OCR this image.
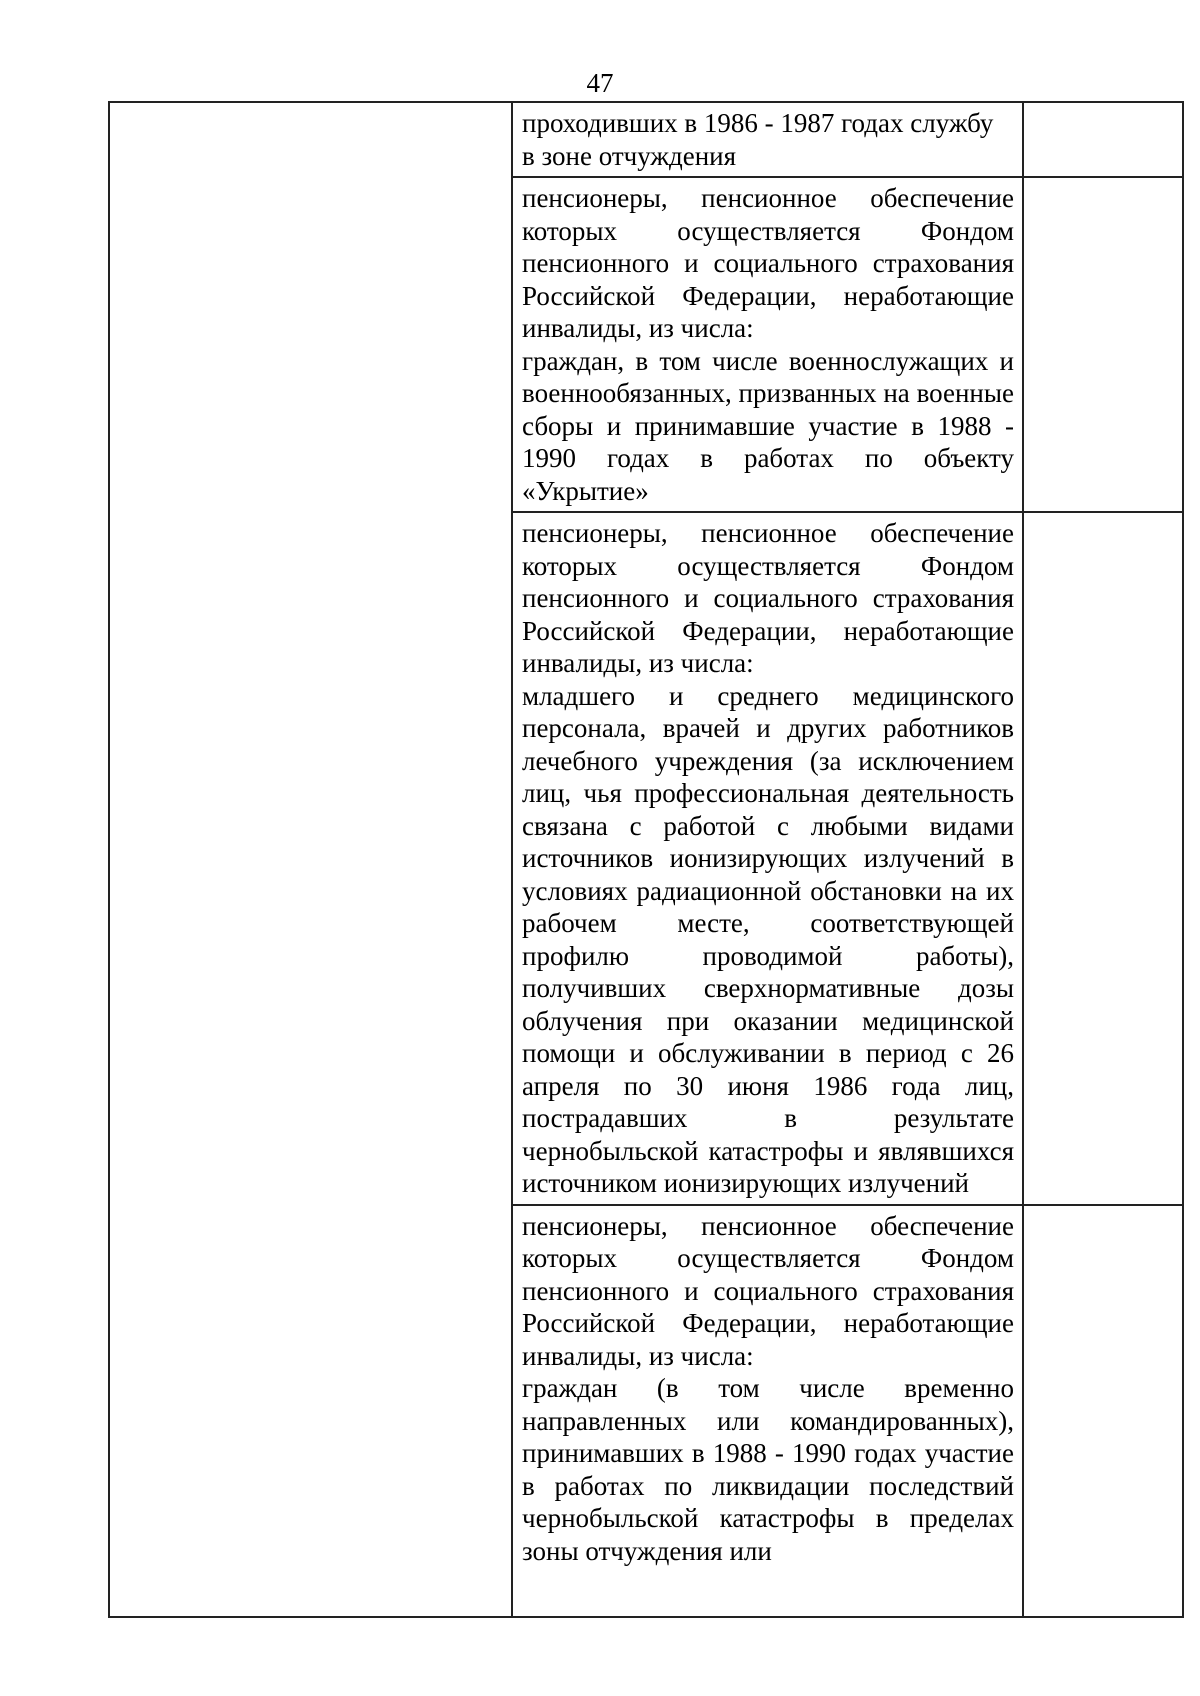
47

	проходивших в 1986 - 1987 годах службу
в зоне отчуждения	

	пенсионеры, пенсионное обеспечение которых осуществляется Фондом пенсионного и социального страхования Российской Федерации, неработающие инвалиды, из числа:
граждан, в том числе военнослужащих и военнообязанных, призванных на военные сборы и принимавшие участие в 1988 - 1990 годах в работах по объекту «Укрытие»	

	пенсионеры, пенсионное обеспечение которых осуществляется Фондом пенсионного и социального страхования Российской Федерации, неработающие инвалиды, из числа:
младшего и среднего медицинского персонала, врачей и других работников лечебного учреждения (за исключением лиц, чья профессиональная деятельность связана с работой с любыми видами источников ионизирующих излучений в условиях радиационной обстановки на их рабочем месте, соответствующей профилю проводимой работы), получивших сверхнормативные дозы облучения при оказании медицинской помощи и обслуживании в период с 26 апреля по 30 июня 1986 года лиц, пострадавших в результате чернобыльской катастрофы и являвшихся источником ионизирующих излучений	

	пенсионеры, пенсионное обеспечение которых осуществляется Фондом пенсионного и социального страхования Российской Федерации, неработающие инвалиды, из числа:
граждан (в том числе временно направленных или командированных), принимавших в 1988 - 1990 годах участие в работах по ликвидации последствий чернобыльской катастрофы в пределах зоны отчуждения или	
